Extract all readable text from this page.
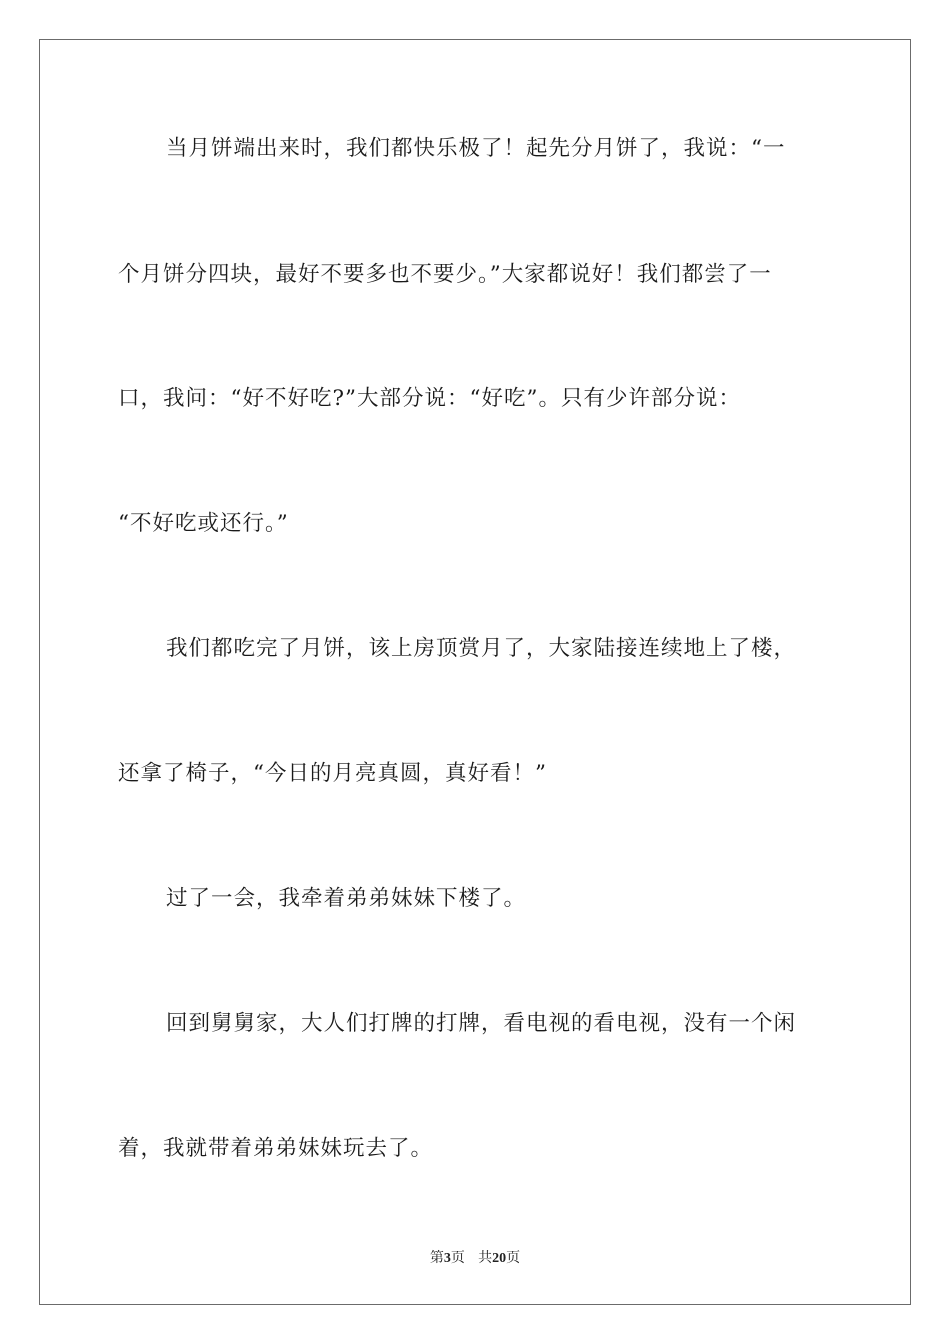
当月饼端出来时，我们都快乐极了！起先分月饼了，我说：“一
个月饼分四块，最好不要多也不要少。”大家都说好！我们都尝了一
口，我问：“好不好吃?”大部分说：“好吃”。只有少许部分说：
“不好吃或还行。”
我们都吃完了月饼，该上房顶赏月了，大家陆接连续地上了楼，
还拿了椅子，“今日的月亮真圆，真好看！”
过了一会，我牵着弟弟妹妹下楼了。
回到舅舅家，大人们打牌的打牌，看电视的看电视，没有一个闲
着，我就带着弟弟妹妹玩去了。
第3页 共20页
